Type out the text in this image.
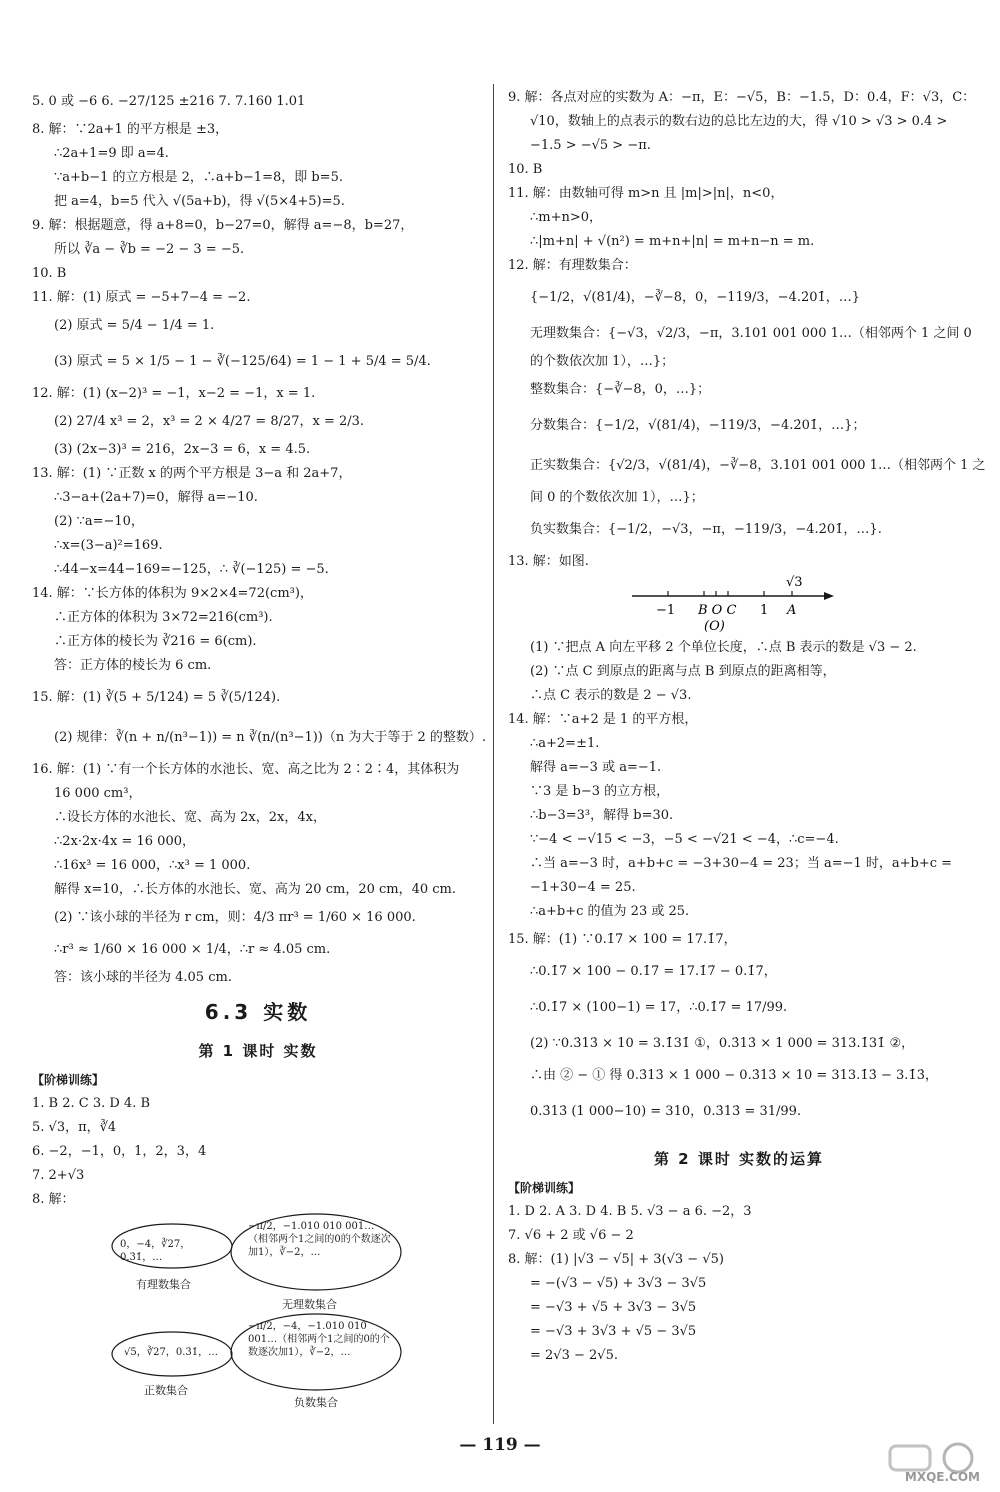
5. 0 或 −6 6. −27/125 ±216 7. 7.160 1.01
8. 解：∵2a+1 的平方根是 ±3，
∴2a+1=9 即 a=4.
∵a+b−1 的立方根是 2，∴a+b−1=8，即 b=5.
把 a=4，b=5 代入 √(5a+b)，得 √(5×4+5)=5.
9. 解：根据题意，得 a+8=0，b−27=0，解得 a=−8，b=27，
所以 ∛a − ∛b = −2 − 3 = −5.
10. B
11. 解：(1) 原式 = −5+7−4 = −2.
(2) 原式 = 5/4 − 1/4 = 1.
(3) 原式 = 5 × 1/5 − 1 − ∛(−125/64) = 1 − 1 + 5/4 = 5/4.
12. 解：(1) (x−2)³ = −1，x−2 = −1，x = 1.
(2) 27/4 x³ = 2，x³ = 2 × 4/27 = 8/27，x = 2/3.
(3) (2x−3)³ = 216，2x−3 = 6，x = 4.5.
13. 解：(1) ∵正数 x 的两个平方根是 3−a 和 2a+7，
∴3−a+(2a+7)=0，解得 a=−10.
(2) ∵a=−10，
∴x=(3−a)²=169.
∴44−x=44−169=−125，∴ ∛(−125) = −5.
14. 解：∵长方体的体积为 9×2×4=72(cm³)，
∴正方体的体积为 3×72=216(cm³).
∴正方体的棱长为 ∛216 = 6(cm).
答：正方体的棱长为 6 cm.
15. 解：(1) ∛(5 + 5/124) = 5 ∛(5/124).
(2) 规律：∛(n + n/(n³−1)) = n ∛(n/(n³−1))（n 为大于等于 2 的整数）.
16. 解：(1) ∵有一个长方体的水池长、宽、高之比为 2∶2∶4，其体积为
16 000 cm³，
∴设长方体的水池长、宽、高为 2x，2x，4x，
∴2x·2x·4x = 16 000，
∴16x³ = 16 000，∴x³ = 1 000.
解得 x=10，∴长方体的水池长、宽、高为 20 cm，20 cm，40 cm.
(2) ∵该小球的半径为 r cm，则：4/3 πr³ = 1/60 × 16 000.
∴r³ ≈ 1/60 × 16 000 × 1/4，∴r ≈ 4.05 cm.
答：该小球的半径为 4.05 cm.
6.3 实数
第 1 课时 实数
【阶梯训练】
1. B 2. C 3. D 4. B
5. √3，π，∛4
6. −2，−1，0，1，2，3，4
7. 2+√3
8. 解：
0，−4，∛27，0.3̇1̇，…
有理数集合
−π/2，−1.010 010 001…（相邻两个1之间的0的个数逐次加1），∛−2，…
无理数集合
√5，∛27，0.3̇1̇，…
正数集合
−π/2，−4，−1.010 010 001…（相邻两个1之间的0的个数逐次加1），∛−2，…
负数集合
9. 解：各点对应的实数为 A：−π，E：−√5，B：−1.5，D：0.4，F：√3，C：
√10，数轴上的点表示的数右边的总比左边的大，得 √10 > √3 > 0.4 >
−1.5 > −√5 > −π.
10. B
11. 解：由数轴可得 m>n 且 |m|>|n|，n<0，
∴m+n>0，
∴|m+n| + √(n²) = m+n+|n| = m+n−n = m.
12. 解：有理数集合：
{−1/2，√(81/4)，−∛−8，0，−119/3，−4.2̇01̇，…}
无理数集合：{−√3，√2/3，−π，3.101 001 000 1…（相邻两个 1 之间 0
的个数依次加 1），…}；
整数集合：{−∛−8，0，…}；
分数集合：{−1/2，√(81/4)，−119/3，−4.2̇01̇，…}；
正实数集合：{√2/3，√(81/4)，−∛−8，3.101 001 000 1…（相邻两个 1 之
间 0 的个数依次加 1），…}；
负实数集合：{−1/2，−√3，−π，−119/3，−4.2̇01̇，…}.
13. 解：如图.
√3
−1 B O C 1 A
(O)
(1) ∵把点 A 向左平移 2 个单位长度，∴点 B 表示的数是 √3 − 2.
(2) ∵点 C 到原点的距离与点 B 到原点的距离相等，
∴点 C 表示的数是 2 − √3.
14. 解：∵a+2 是 1 的平方根，
∴a+2=±1.
解得 a=−3 或 a=−1.
∵3 是 b−3 的立方根，
∴b−3=3³，解得 b=30.
∵−4 < −√15 < −3，−5 < −√21 < −4，∴c=−4.
∴当 a=−3 时，a+b+c = −3+30−4 = 23；当 a=−1 时，a+b+c =
−1+30−4 = 25.
∴a+b+c 的值为 23 或 25.
15. 解：(1) ∵0.1̇7̇ × 100 = 17.1̇7̇，
∴0.1̇7̇ × 100 − 0.1̇7̇ = 17.1̇7̇ − 0.1̇7̇，
∴0.1̇7̇ × (100−1) = 17，∴0.1̇7̇ = 17/99.
(2) ∵0.3̇13̇ × 10 = 3.1̇31̇ ①，0.3̇13̇ × 1 000 = 313.1̇31̇ ②，
∴由 ② − ① 得 0.3̇13̇ × 1 000 − 0.3̇13̇ × 10 = 313.1̇3̇ − 3.1̇3̇，
0.3̇13̇ (1 000−10) = 310，0.3̇13̇ = 31/99.
第 2 课时 实数的运算
【阶梯训练】
1. D 2. A 3. D 4. B 5. √3 − a 6. −2，3
7. √6 + 2 或 √6 − 2
8. 解：(1) |√3 − √5| + 3(√3 − √5)
= −(√3 − √5) + 3√3 − 3√5
= −√3 + √5 + 3√3 − 3√5
= −√3 + 3√3 + √5 − 3√5
= 2√3 − 2√5.
— 119 —
MXQE.COM
